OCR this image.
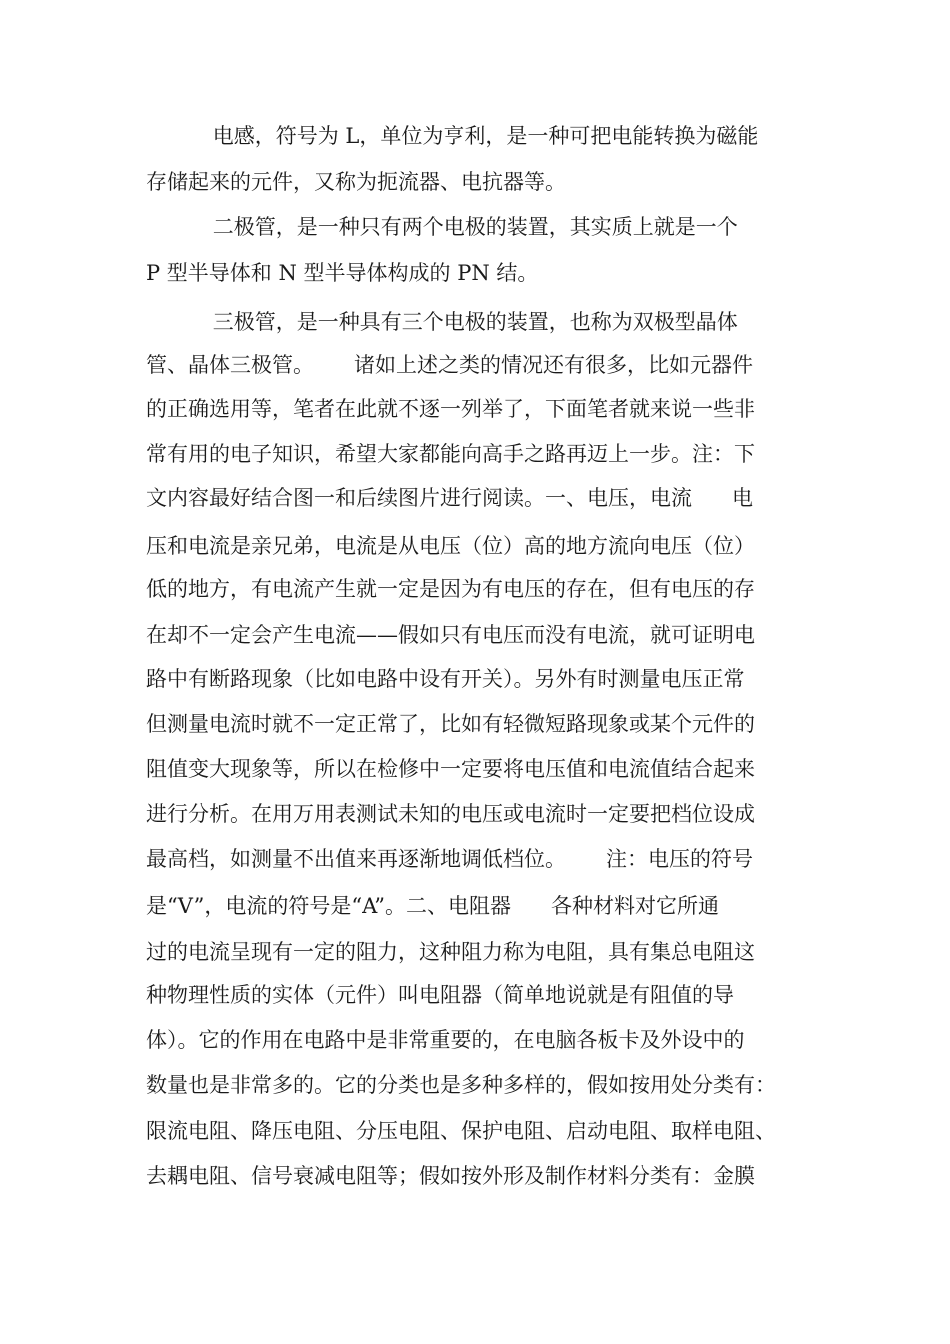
电感，符号为 L，单位为亨利，是一种可把电能转换为磁能
存储起来的元件，又称为扼流器、电抗器等。
二极管，是一种只有两个电极的装置，其实质上就是一个
P 型半导体和 N 型半导体构成的 PN 结。
三极管，是一种具有三个电极的装置，也称为双极型晶体
管、晶体三极管。      诸如上述之类的情况还有很多，比如元器件
的正确选用等，笔者在此就不逐一列举了，下面笔者就来说一些非
常有用的电子知识，希望大家都能向高手之路再迈上一步。注：下
文内容最好结合图一和后续图片进行阅读。一、电压，电流      电
压和电流是亲兄弟，电流是从电压（位）高的地方流向电压（位）
低的地方，有电流产生就一定是因为有电压的存在，但有电压的存
在却不一定会产生电流——假如只有电压而没有电流，就可证明电
路中有断路现象（比如电路中设有开关）。另外有时测量电压正常
但测量电流时就不一定正常了，比如有轻微短路现象或某个元件的
阻值变大现象等，所以在检修中一定要将电压值和电流值结合起来
进行分析。在用万用表测试未知的电压或电流时一定要把档位设成
最高档，如测量不出值来再逐渐地调低档位。      注：电压的符号
是“V”，电流的符号是“A”。二、电阻器      各种材料对它所通
过的电流呈现有一定的阻力，这种阻力称为电阻，具有集总电阻这
种物理性质的实体（元件）叫电阻器（简单地说就是有阻值的导
体）。它的作用在电路中是非常重要的，在电脑各板卡及外设中的
数量也是非常多的。它的分类也是多种多样的，假如按用处分类有：
限流电阻、降压电阻、分压电阻、保护电阻、启动电阻、取样电阻、
去耦电阻、信号衰减电阻等；假如按外形及制作材料分类有：金膜
